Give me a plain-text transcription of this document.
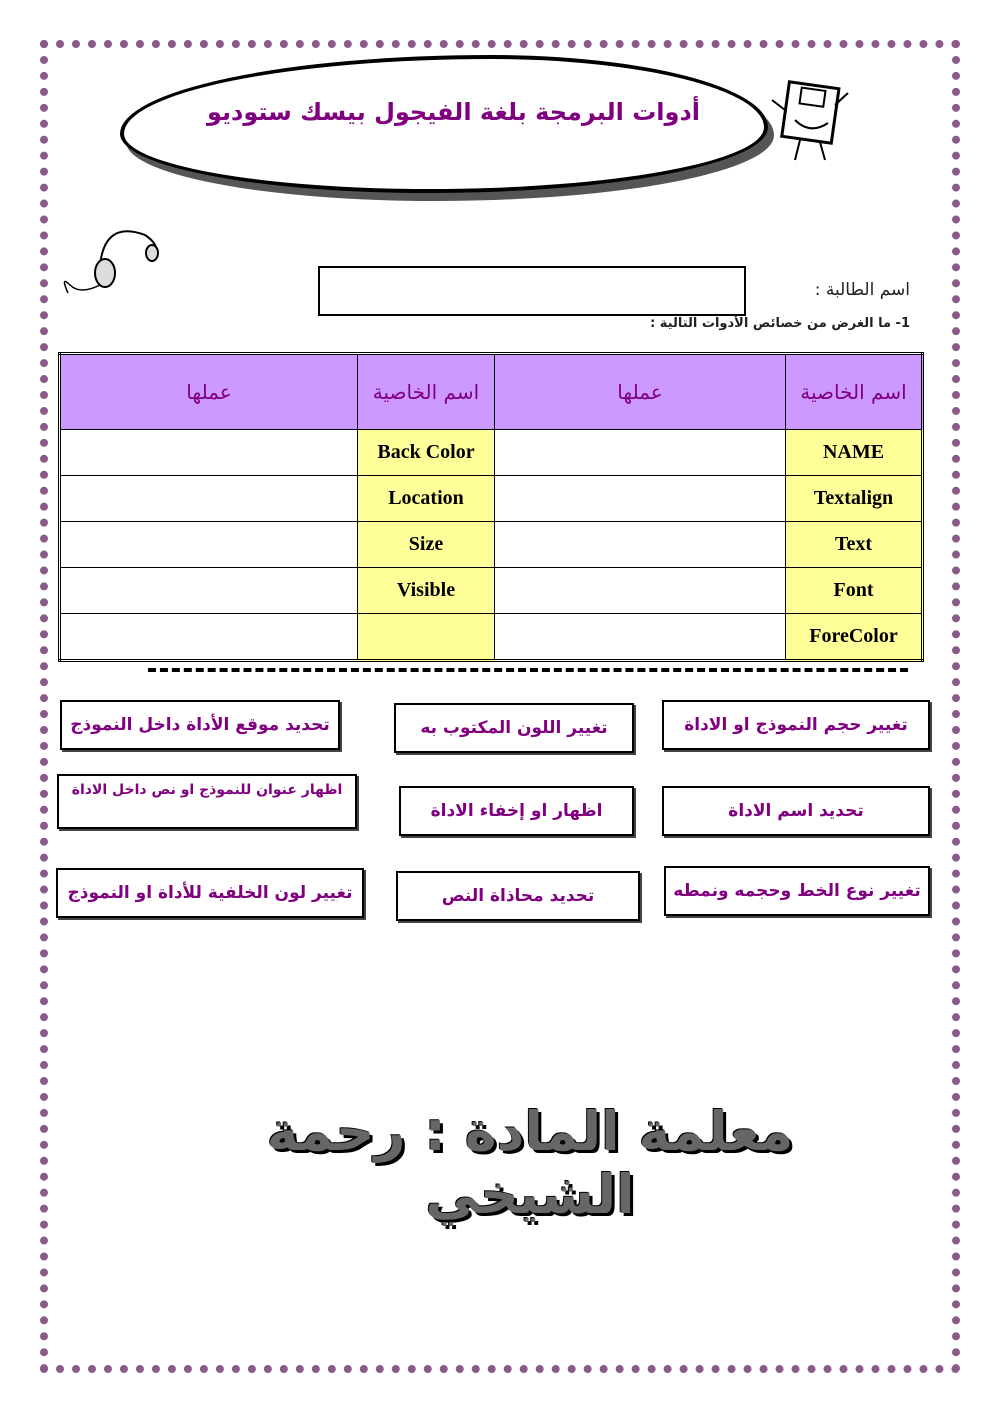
أدوات البرمجة بلغة الفيجول بيسك ستوديو
اسم الطالبة :
1- ما الغرض من خصائص الأدوات التالية :
عملها	اسم الخاصية	عملها	اسم الخاصية
	Back Color		NAME
	Location		Textalign
	Size		Text
	Visible		Font
			ForeColor
تغيير حجم النموذج او الاداة
تغيير اللون المكتوب به
تحديد موقع الأداة داخل النموذج
تحديد اسم الاداة
اظهار او إخفاء الاداة
اظهار عنوان للنموذج او نص داخل الاداة
تغيير نوع الخط وحجمه ونمطه
تحديد محاذاة النص
تغيير لون الخلفية للأداة او النموذج
معلمة المادة : رحمة الشيخي
